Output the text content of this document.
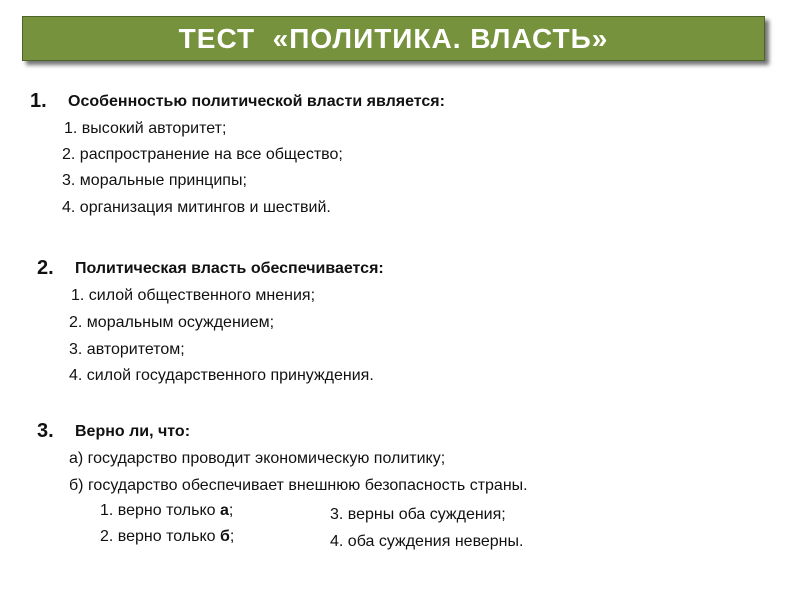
ТЕСТ  «ПОЛИТИКА. ВЛАСТЬ»
1. Особенностью политической власти является:
1. высокий авторитет;
2. распространение на все общество;
3. моральные принципы;
4. организация митингов и шествий.
2. Политическая власть обеспечивается:
1. силой общественного мнения;
2. моральным осуждением;
3. авторитетом;
4. силой государственного принуждения.
3. Верно ли, что:
а) государство проводит экономическую политику;
б) государство обеспечивает внешнюю безопасность страны.
1. верно только а;
2. верно только б;
3. верны оба суждения;
4. оба суждения неверны.
